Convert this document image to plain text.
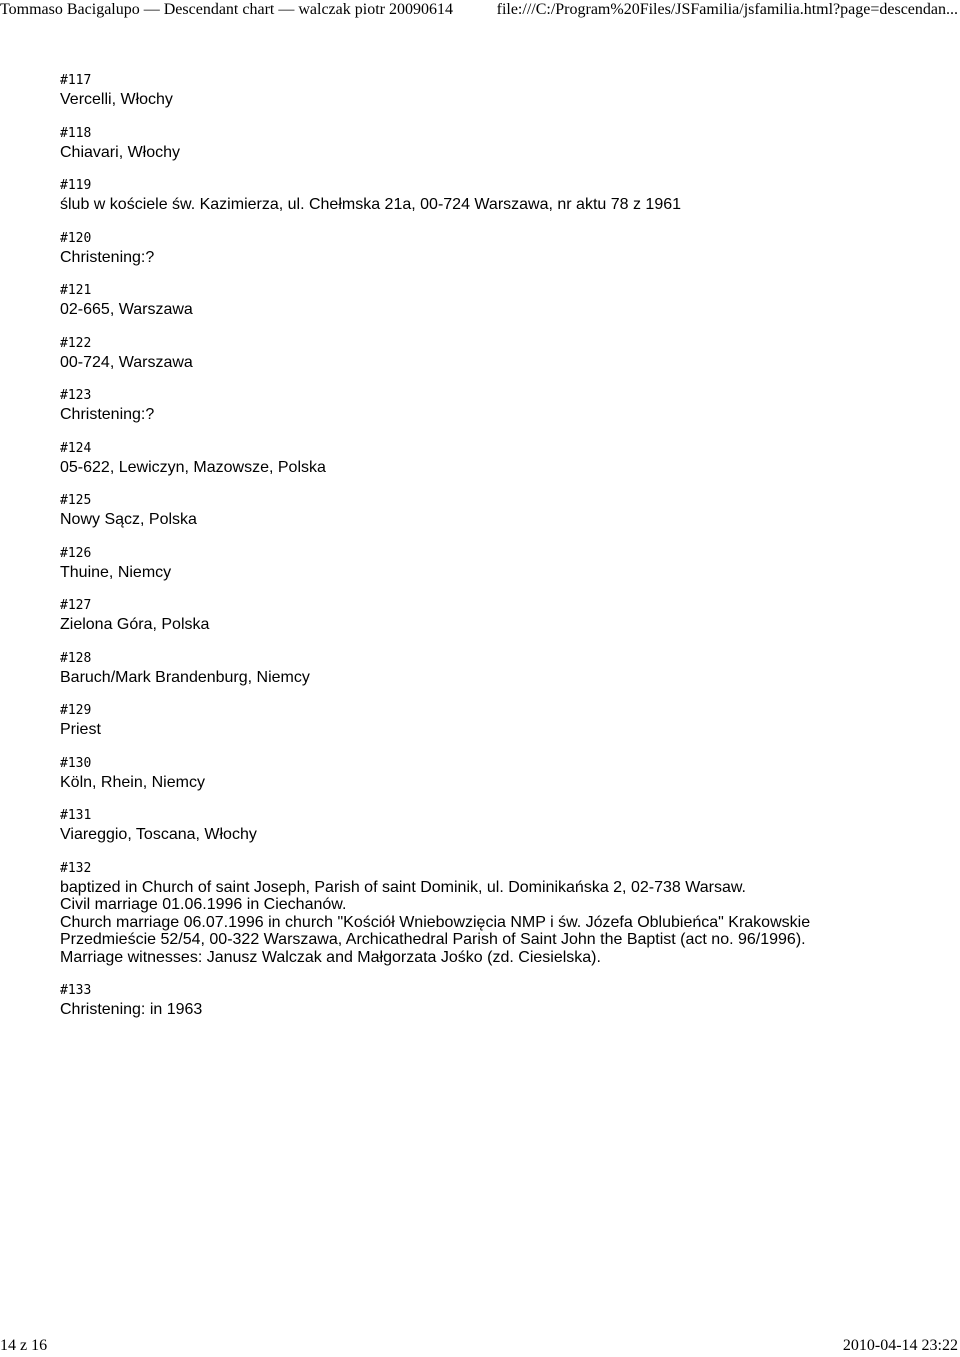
Tommaso Bacigalupo — Descendant chart — walczak piotr 20090614	file:///C:/Program%20Files/JSFamilia/jsfamilia.html?page=descendan...
#117
Vercelli, Włochy
#118
Chiavari, Włochy
#119
ślub w kościele św. Kazimierza, ul. Chełmska 21a, 00-724 Warszawa, nr aktu 78 z 1961
#120
Christening:?
#121
02-665, Warszawa
#122
00-724, Warszawa
#123
Christening:?
#124
05-622, Lewiczyn, Mazowsze, Polska
#125
Nowy Sącz, Polska
#126
Thuine, Niemcy
#127
Zielona Góra, Polska
#128
Baruch/Mark Brandenburg, Niemcy
#129
Priest
#130
Köln, Rhein, Niemcy
#131
Viareggio, Toscana, Włochy
#132
baptized in Church of saint Joseph, Parish of saint Dominik, ul. Dominikańska 2, 02-738 Warsaw.
Civil marriage 01.06.1996 in Ciechanów.
Church marriage 06.07.1996 in church "Kościół Wniebowzięcia NMP i św. Józefa Oblubieńca" Krakowskie
Przedmieście 52/54, 00-322 Warszawa, Archicathedral Parish of Saint John the Baptist (act no. 96/1996).
Marriage witnesses: Janusz Walczak and Małgorzata Jośko (zd. Ciesielska).
#133
Christening: in 1963
14 z 16	2010-04-14 23:22
